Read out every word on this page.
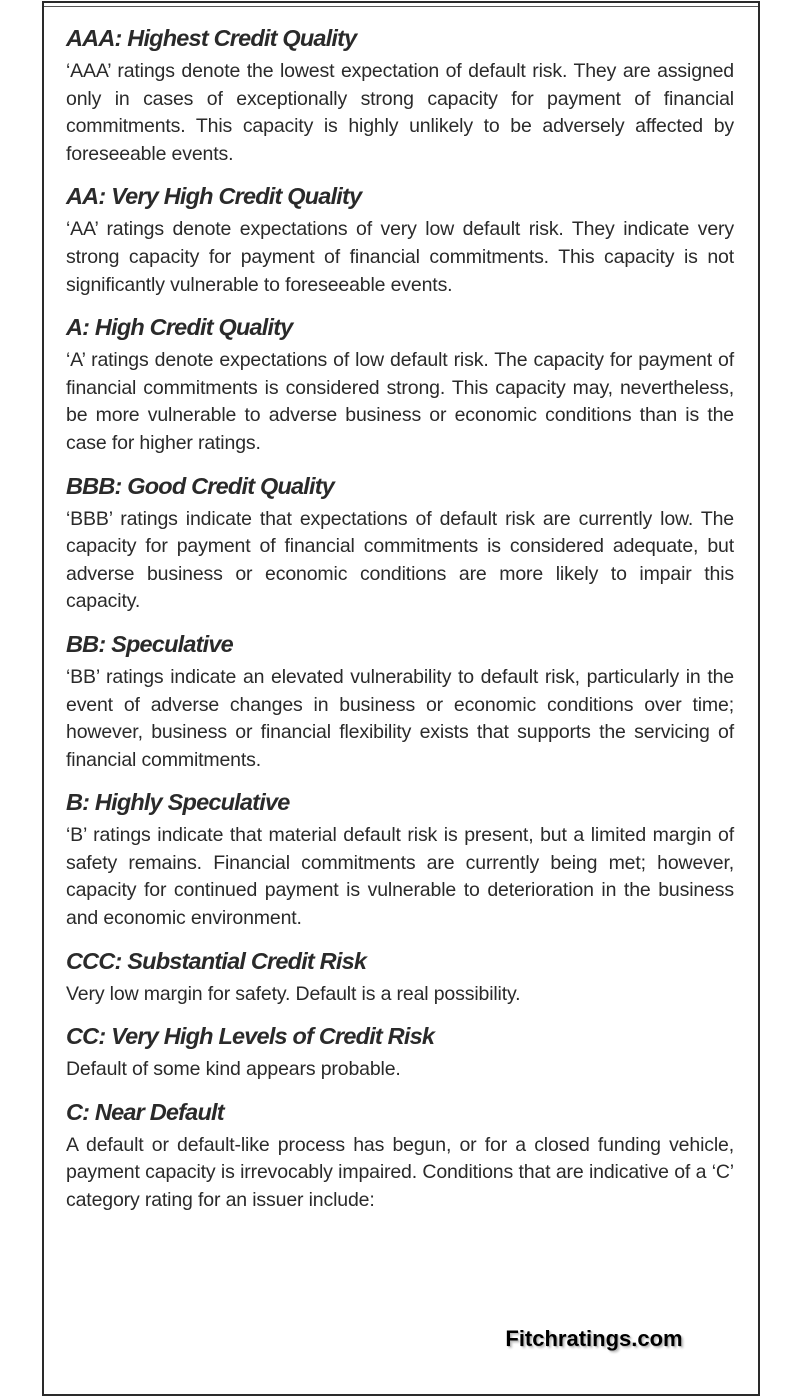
AAA: Highest Credit Quality

‘AAA’ ratings denote the lowest expectation of default risk. They are assigned only in cases of exceptionally strong capacity for payment of financial commitments. This capacity is highly unlikely to be adversely affected by foreseeable events.

AA: Very High Credit Quality

‘AA’ ratings denote expectations of very low default risk. They indicate very strong capacity for payment of financial commitments. This capacity is not significantly vulnerable to foreseeable events.

A: High Credit Quality

‘A’ ratings denote expectations of low default risk. The capacity for payment of financial commitments is considered strong. This capacity may, nevertheless, be more vulnerable to adverse business or economic conditions than is the case for higher ratings.

BBB: Good Credit Quality

‘BBB’ ratings indicate that expectations of default risk are currently low. The capacity for payment of financial commitments is considered adequate, but adverse business or economic conditions are more likely to impair this capacity.

BB: Speculative

‘BB’ ratings indicate an elevated vulnerability to default risk, particularly in the event of adverse changes in business or economic conditions over time; however, business or financial flexibility exists that supports the servicing of financial commitments.

B: Highly Speculative

‘B’ ratings indicate that material default risk is present, but a limited margin of safety remains. Financial commitments are currently being met; however, capacity for continued payment is vulnerable to deterioration in the business and economic environment.

CCC: Substantial Credit Risk

Very low margin for safety. Default is a real possibility.

CC: Very High Levels of Credit Risk

Default of some kind appears probable.

C: Near Default

A default or default-like process has begun, or for a closed funding vehicle, payment capacity is irrevocably impaired. Conditions that are indicative of a ‘C’ category rating for an issuer include:

Fitchratings.com
